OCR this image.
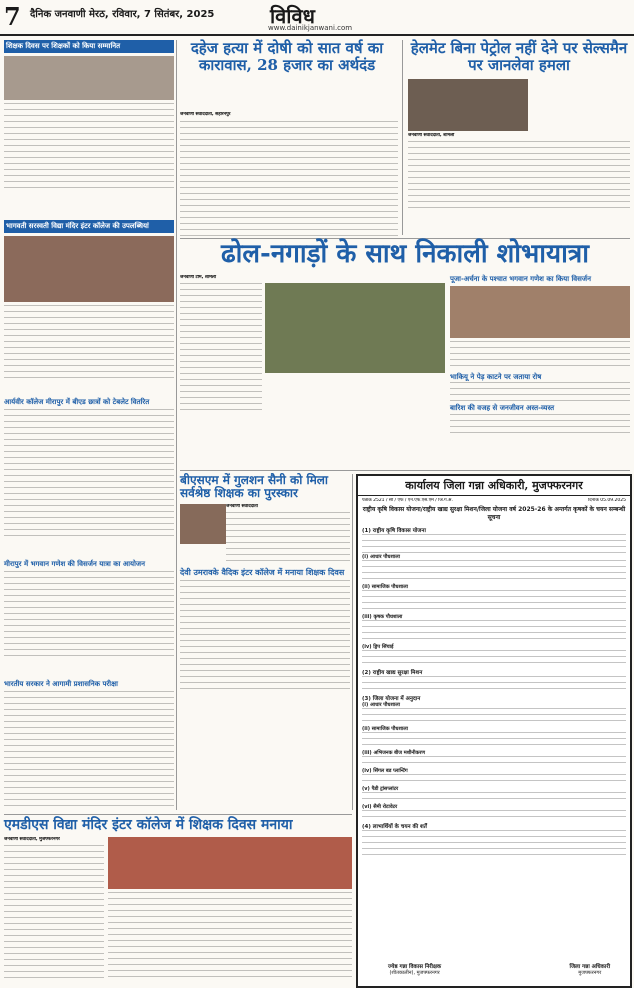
7 दैनिक जनवाणी मेरठ, रविवार, 7 सितंबर, 2025	विविध
www.dainikjanwani.com
शिक्षक दिवस पर शिक्षकों को किया सम्मानित
भागवती सरस्वती विद्या मंदिर इंटर कॉलेज की उपलब्धियां
आर्यवीर कॉलेज मीरापुर में बीएड छात्रों को टेबलेट वितरित
मीरापुर में भगवान गणेश की विसर्जन यात्रा का आयोजन
भारतीय सरकार ने आगामी प्रशासनिक परीक्षा
दहेज हत्या में दोषी को सात वर्ष का कारावास, 28 हजार का अर्थदंड
जनवाणी संवाददाता, सहारनपुर
हेलमेट बिना पेट्रोल नहीं देने पर सेल्समैन पर जानलेवा हमला
जनवाणी संवाददाता, शामली
ढोल-नगाड़ों के साथ निकाली शोभायात्रा
जनवाणी टीम, शामली	पूजा-अर्चना के पश्चात भगवान गणेश का किया विसर्जन
भाकियू ने पेड़ काटने पर जताया रोष
बारिश की वजह से जनजीवन अस्त-व्यस्त
बीएसएम में गुलशन सैनी को मिला सर्वश्रेष्ठ शिक्षक का पुरस्कार
जनवाणी संवाददाता
देवी उमरावके वैदिक इंटर कॉलेज में मनाया शिक्षक दिवस
कार्यालय जिला गन्ना अधिकारी, मुजफ्फरनगर
पत्रांक 2521 / सी / एफ / एन.एफ.एस.एम / जि.ग.अ.	दिनांक 05.09.2025
राष्ट्रीय कृषि विकास योजना/राष्ट्रीय खाद्य सुरक्षा मिशन/जिला योजना वर्ष 2025-26 के अन्तर्गत कृषकों के चयन सम्बन्धी सूचना
(1) राष्ट्रीय कृषि विकास योजना
(i) आधार पौधशाला
(ii) सामाजिक पौधशाला
(iii) कृषक पौधशाला
(iv) ड्रिप सिंचाई
(2) राष्ट्रीय खाद्य सुरक्षा मिशन
(3) जिला योजना में अनुदान
(i) आधार पौधशाला
(ii) सामाजिक पौधशाला
(iii) अभिजनक बीज मशीनीकरण
(iv) सिंगल बड प्लान्टिंग
(v) पैडी ट्रांसप्लांटर
(vi) सैमी रोटावेटर
(4) लाभार्थियों के चयन की शर्तें
ज्येष्ठ गन्ना विकास निरीक्षक
(शीतकालीन), मुजफ्फरनगर
जिला गन्ना अधिकारी
मुजफ्फरनगर
एमडीएस विद्या मंदिर इंटर कॉलेज में शिक्षक दिवस मनाया
जनवाणी संवाददाता, मुजफ्फरनगर
